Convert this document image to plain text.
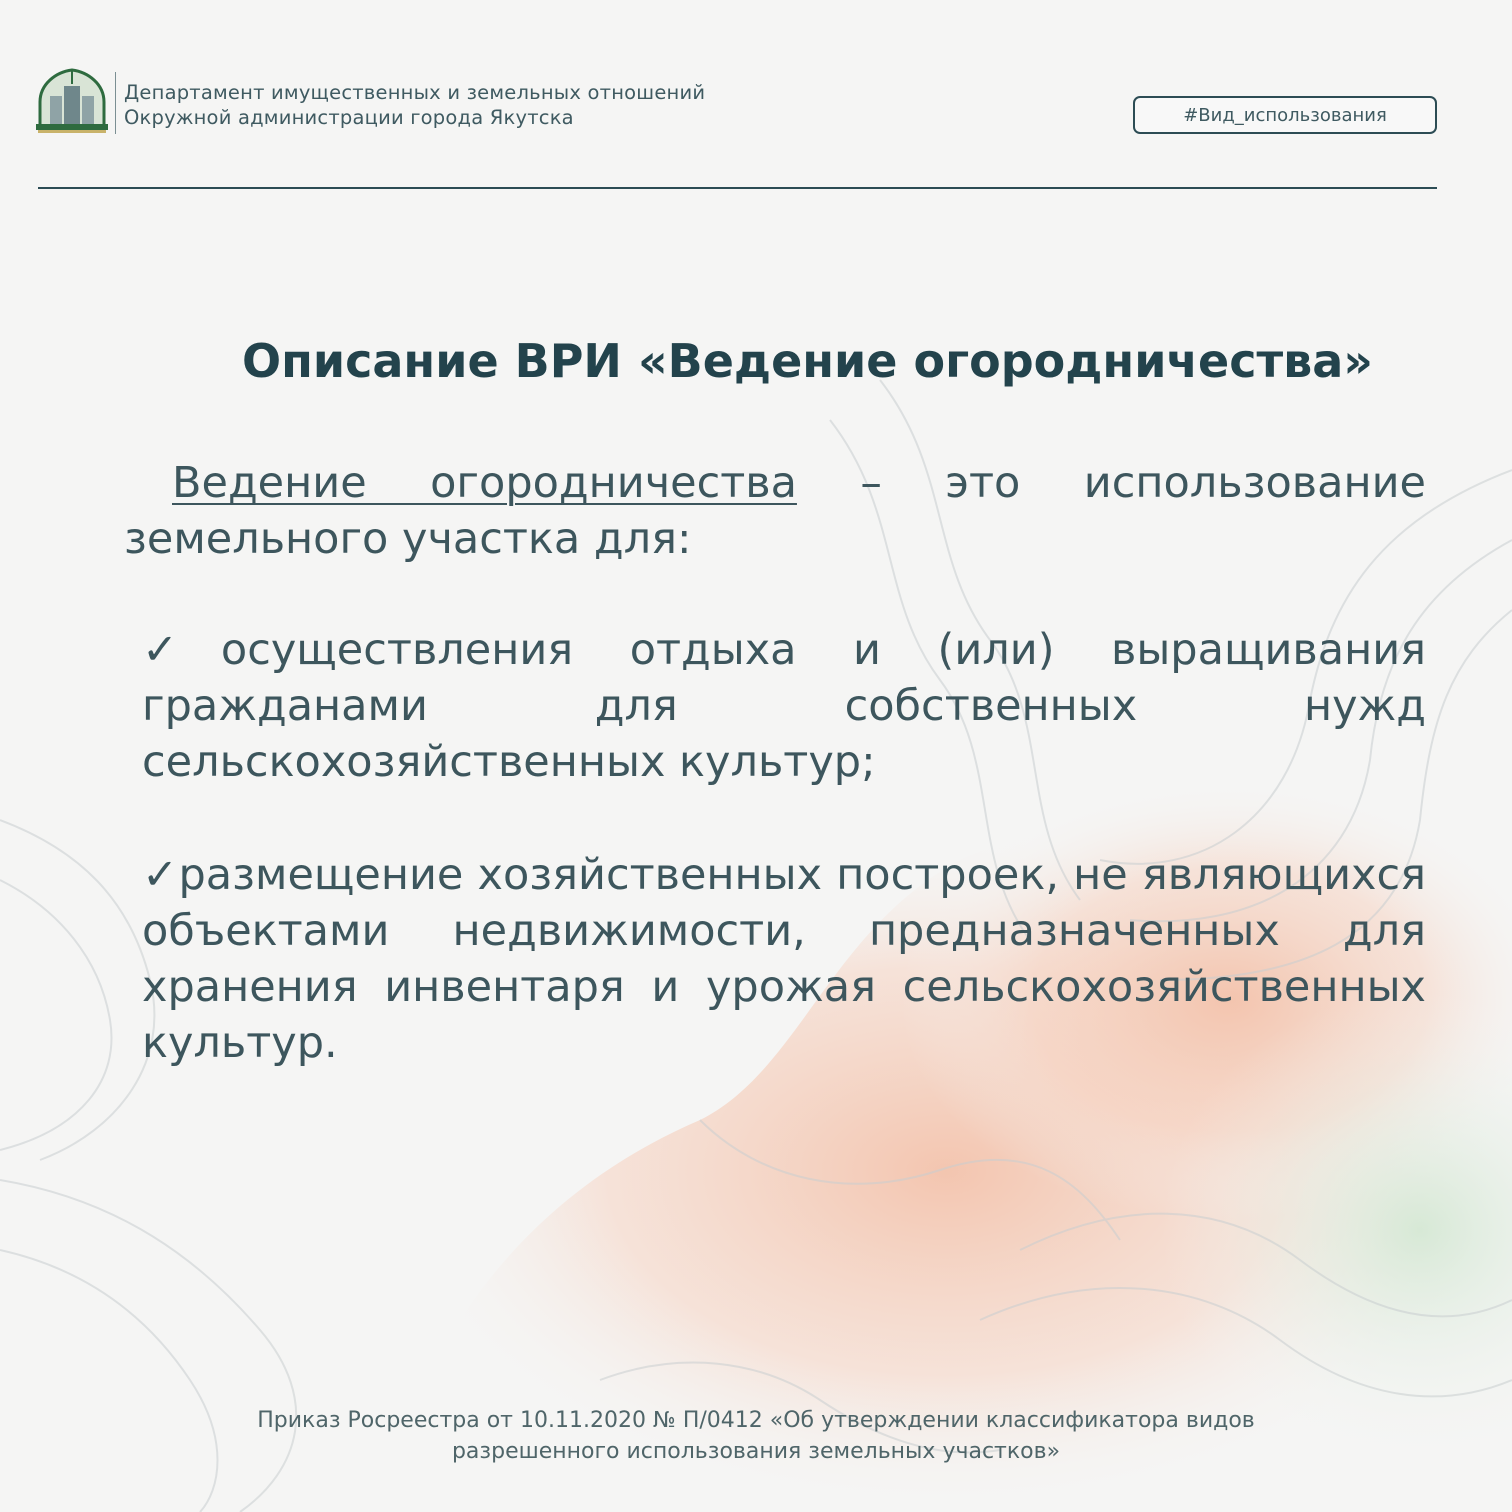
Департамент имущественных и земельных отношений
Окружной администрации города Якутска	#Вид_использования
Описание ВРИ «Ведение огородничества»
Ведение огородничества – это использование земельного участка для:
✓осуществления отдыха и (или) выращивания гражданами для собственных нужд сельскохозяйственных культур;
✓размещение хозяйственных построек, не являющихся объектами недвижимости, предназначенных для хранения инвентаря и урожая сельскохозяйственных культур.
Приказ Росреестра от 10.11.2020 № П/0412 «Об утверждении классификатора видов
разрешенного использования земельных участков»
